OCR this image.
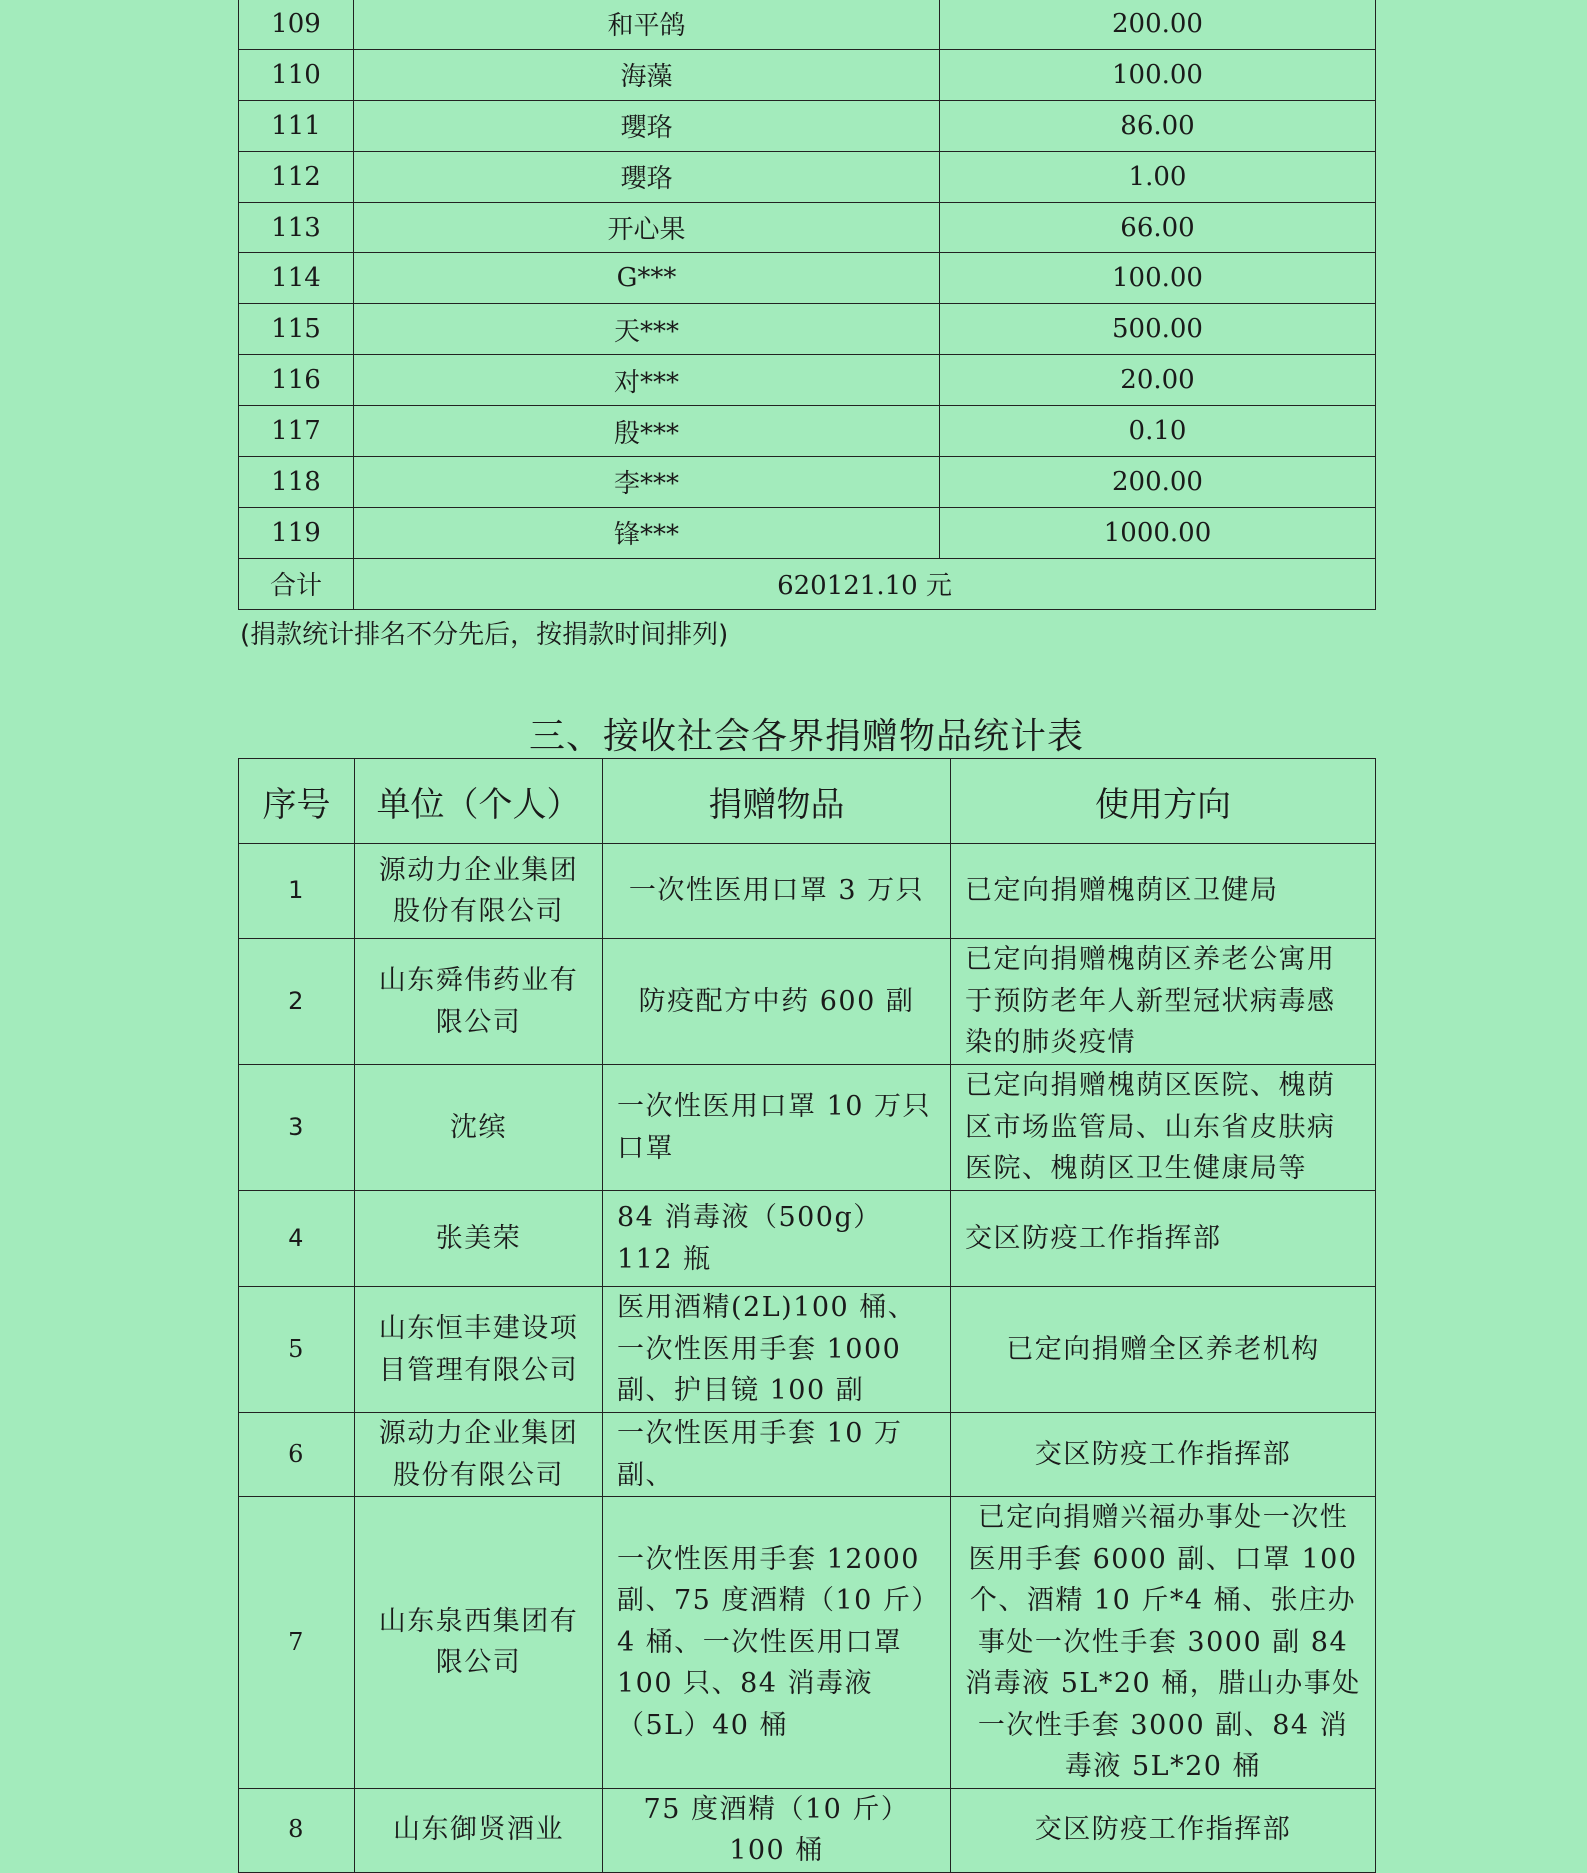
109	和平鸽	200.00
110	海藻	100.00
111	瓔珞	86.00
112	瓔珞	1.00
113	开心果	66.00
114	G***	100.00
115	天***	500.00
116	对***	20.00
117	殷***	0.10
118	李***	200.00
119	锋***	1000.00
合计	620121.10 元	
(捐款统计排名不分先后，按捐款时间排列)
三、接收社会各界捐赠物品统计表
序号	单位（个人）	捐赠物品	使用方向
1	源动力企业集团股份有限公司	一次性医用口罩 3 万只	已定向捐赠槐荫区卫健局
2	山东舜伟药业有限公司	防疫配方中药 600 副	已定向捐赠槐荫区养老公寓用于预防老年人新型冠状病毒感染的肺炎疫情
3	沈缤	一次性医用口罩 10 万只口罩	已定向捐赠槐荫区医院、槐荫区市场监管局、山东省皮肤病医院、槐荫区卫生健康局等
4	张美荣	84 消毒液（500g）112 瓶	交区防疫工作指挥部
5	山东恒丰建设项目管理有限公司	医用酒精(2L)100 桶、一次性医用手套 1000 副、护目镜 100 副	已定向捐赠全区养老机构
6	源动力企业集团股份有限公司	一次性医用手套 10 万副、	交区防疫工作指挥部
7	山东泉西集团有限公司	一次性医用手套 12000 副、75 度酒精（10 斤）4 桶、一次性医用口罩 100 只、84 消毒液（5L）40 桶	已定向捐赠兴福办事处一次性医用手套 6000 副、口罩 100 个、酒精 10 斤*4 桶、张庄办事处一次性手套 3000 副 84 消毒液 5L*20 桶，腊山办事处一次性手套 3000 副、84 消毒液 5L*20 桶
8	山东御贤酒业	75 度酒精（10 斤）100 桶	交区防疫工作指挥部
